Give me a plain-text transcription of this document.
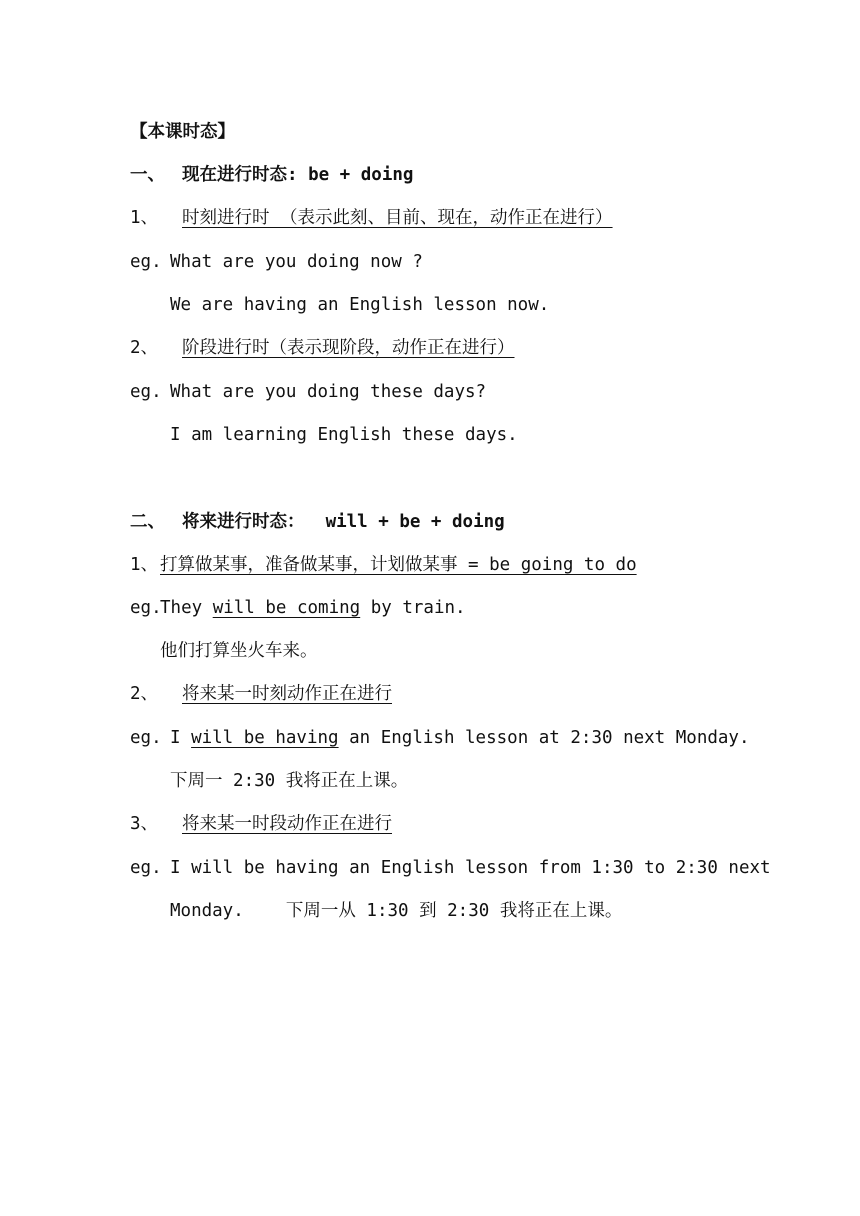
【本课时态】
一、 现在进行时态: be + doing
1、 时刻进行时 （表示此刻、目前、现在，动作正在进行）
eg. What are you doing now ?
We are having an English lesson now.
2、 阶段进行时（表示现阶段，动作正在进行）
eg. What are you doing these days?
I am learning English these days.
二、 将来进行时态：  will + be + doing
1、 打算做某事，准备做某事，计划做某事 = be going to do
eg.They will be coming by train.
他们打算坐火车来。
2、 将来某一时刻动作正在进行
eg. I will be having an English lesson at 2:30 next Monday.
下周一 2:30 我将正在上课。
3、 将来某一时段动作正在进行
eg. I will be having an English lesson from 1:30 to 2:30 next
Monday.    下周一从 1:30 到 2:30 我将正在上课。
